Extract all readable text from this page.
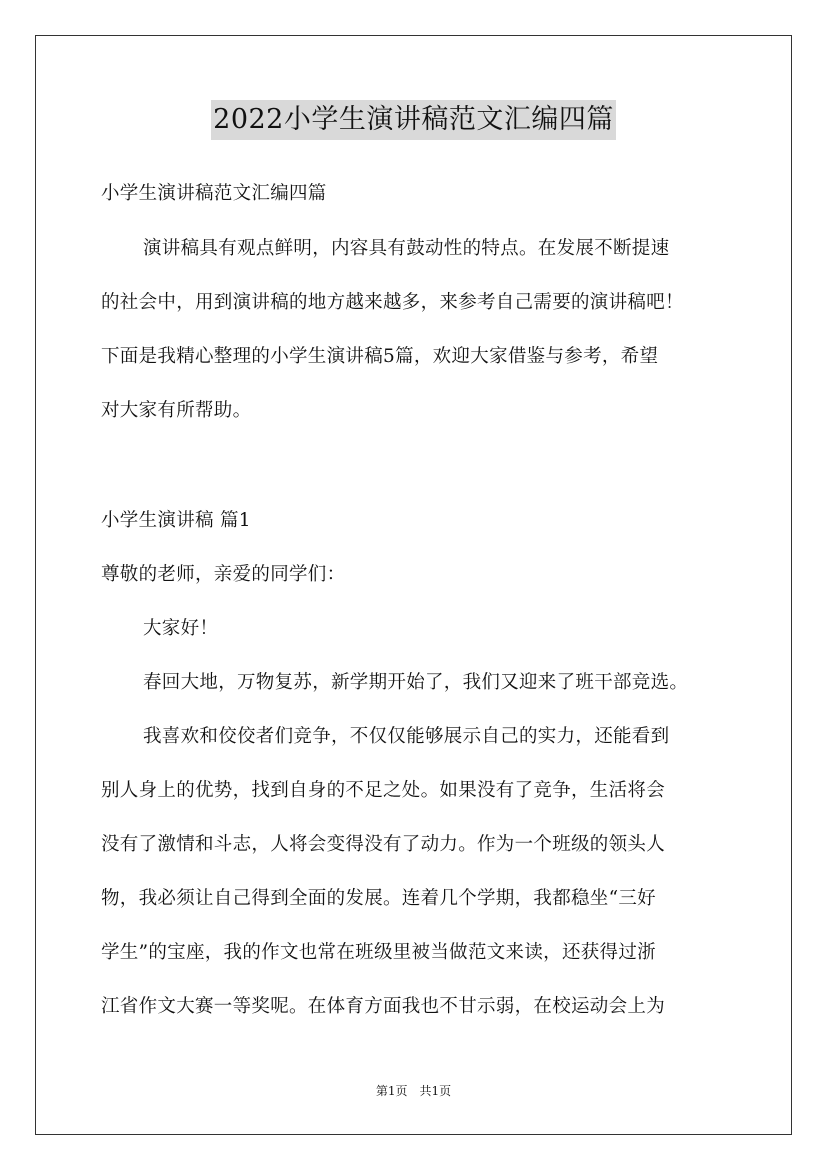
2022小学生演讲稿范文汇编四篇
小学生演讲稿范文汇编四篇
演讲稿具有观点鲜明，内容具有鼓动性的特点。在发展不断提速
的社会中，用到演讲稿的地方越来越多，来参考自己需要的演讲稿吧！
下面是我精心整理的小学生演讲稿5篇，欢迎大家借鉴与参考，希望
对大家有所帮助。
小学生演讲稿 篇1
尊敬的老师，亲爱的同学们：
大家好！
春回大地，万物复苏，新学期开始了，我们又迎来了班干部竞选。
我喜欢和佼佼者们竞争，不仅仅能够展示自己的实力，还能看到
别人身上的优势，找到自身的不足之处。如果没有了竞争，生活将会
没有了激情和斗志，人将会变得没有了动力。作为一个班级的领头人
物，我必须让自己得到全面的发展。连着几个学期，我都稳坐“三好
学生”的宝座，我的作文也常在班级里被当做范文来读，还获得过浙
江省作文大赛一等奖呢。在体育方面我也不甘示弱，在校运动会上为
第1页　共1页
